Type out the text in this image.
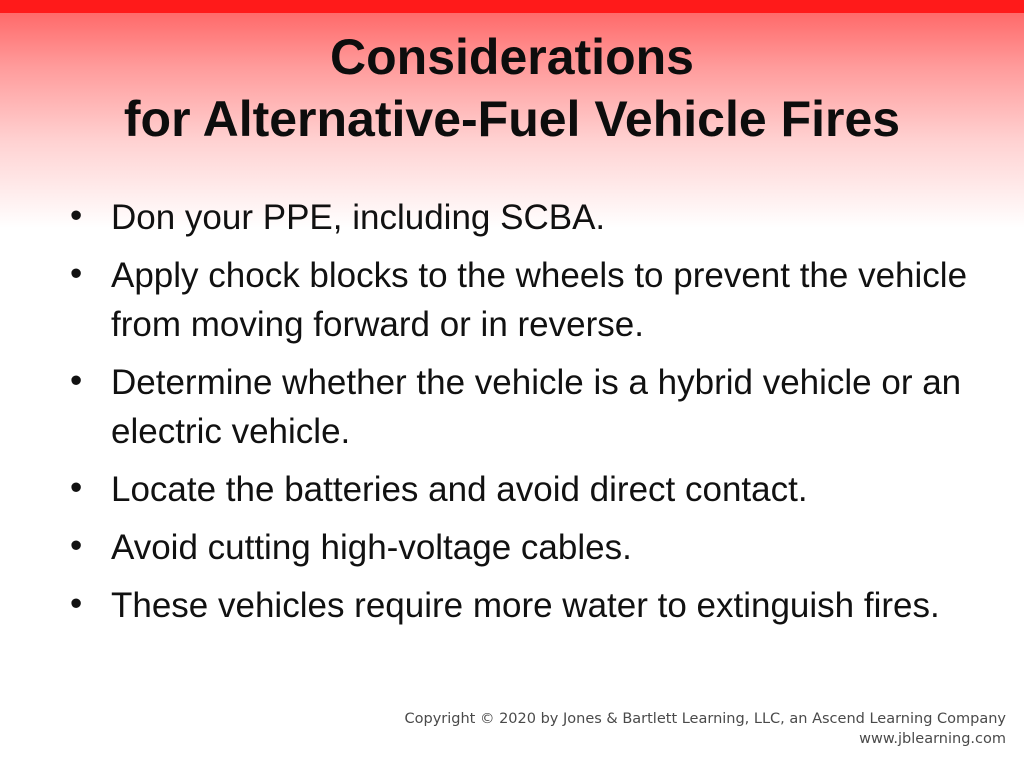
Considerations
for Alternative-Fuel Vehicle Fires
• Don your PPE, including SCBA.
• Apply chock blocks to the wheels to prevent the vehicle from moving forward or in reverse.
• Determine whether the vehicle is a hybrid vehicle or an electric vehicle.
• Locate the batteries and avoid direct contact.
• Avoid cutting high-voltage cables.
• These vehicles require more water to extinguish fires.
Copyright © 2020 by Jones & Bartlett Learning, LLC, an Ascend Learning Company
www.jblearning.com
